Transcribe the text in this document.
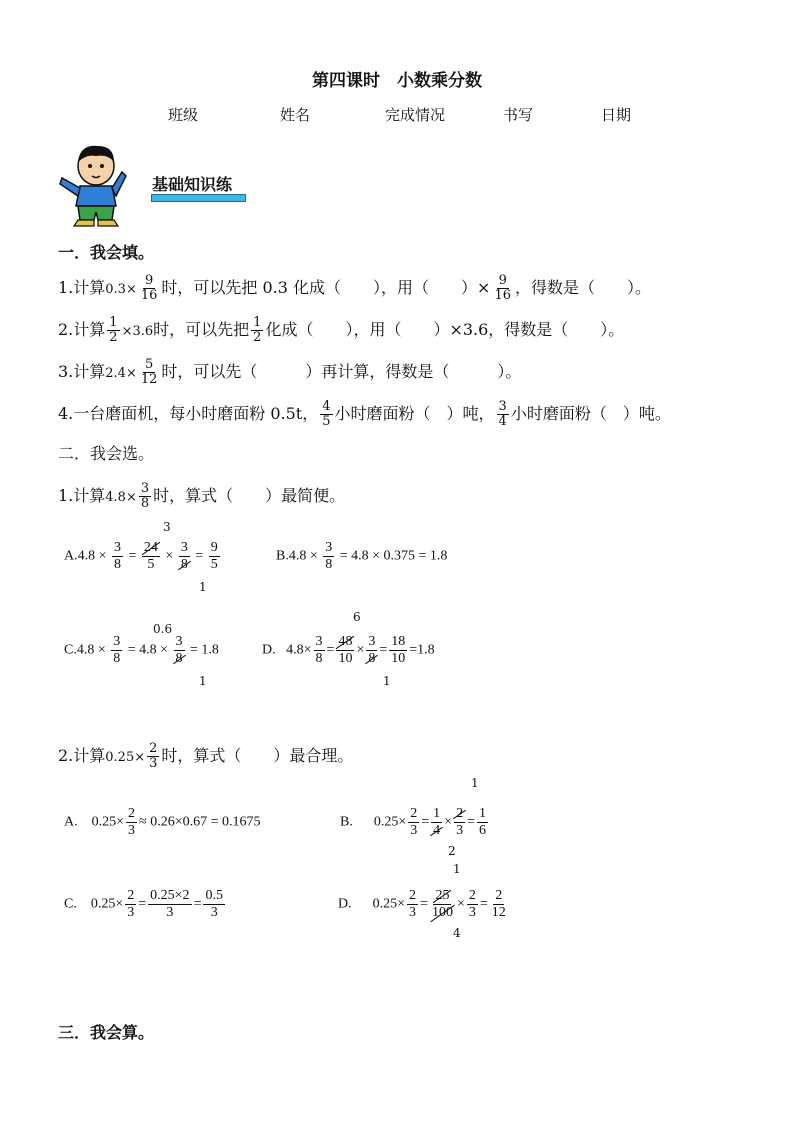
第四课时　小数乘分数
班级	姓名	完成情况	书写	日期
基础知识练
一．我会填。
1.计算$0.3\times \frac{9}{16}$ 时，可以先把 0.3 化成（　　），用（　　）× $\frac{9}{16}$ ，得数是（　　）。
2.计算 $\frac{1}{2} \times 3.6$时，可以先把 $\frac{1}{2}$ 化成（　　），用（　　）×3.6，得数是（　　）。
3.计算$2.4\times \frac{5}{12}$ 时，可以先（　　　）再计算，得数是（　　　）。
4.一台磨面机，每小时磨面粉 0.5t， $\frac{4}{5}$ 小时磨面粉（　）吨， $\frac{3}{4}$ 小时磨面粉（　）吨。
二．我会选。
1.计算$4.8\times \frac{3}{8}$ 时，算式（　　）最简便。
$A.4.8 \times \frac{3}{8} = \frac{24}{5} \times \frac{3}{8} = \frac{9}{5}$
3
1
$B.4.8 \times \frac{3}{8} = 4.8 \times 0.375 = 1.8$
$C.4.8 \times \frac{3}{8} = 4.8 \times \frac{3}{8} = 1.8$
0.6
1
D. $4.8\times \frac{3}{8} = \frac{48}{10} \times \frac{3}{8} = \frac{18}{10} =1.8$
6
1
2.计算$0.25\times \frac{2}{3}$ 时，算式（　　）最合理。
A. $0.25\times \frac{2}{3} \approx 0.26\times 0.67 = 0.1675$	B. $0.25\times \frac{2}{3} = \frac{1}{4} \times \frac{2}{3} = \frac{1}{6}$
1
2
C. $0.25\times \frac{2}{3} = \frac{0.25\times 2}{3} = \frac{0.5}{3}$	D. $0.25\times \frac{2}{3} = \frac{25}{100} \times \frac{2}{3} = \frac{2}{12}$
1
4
三．我会算。
